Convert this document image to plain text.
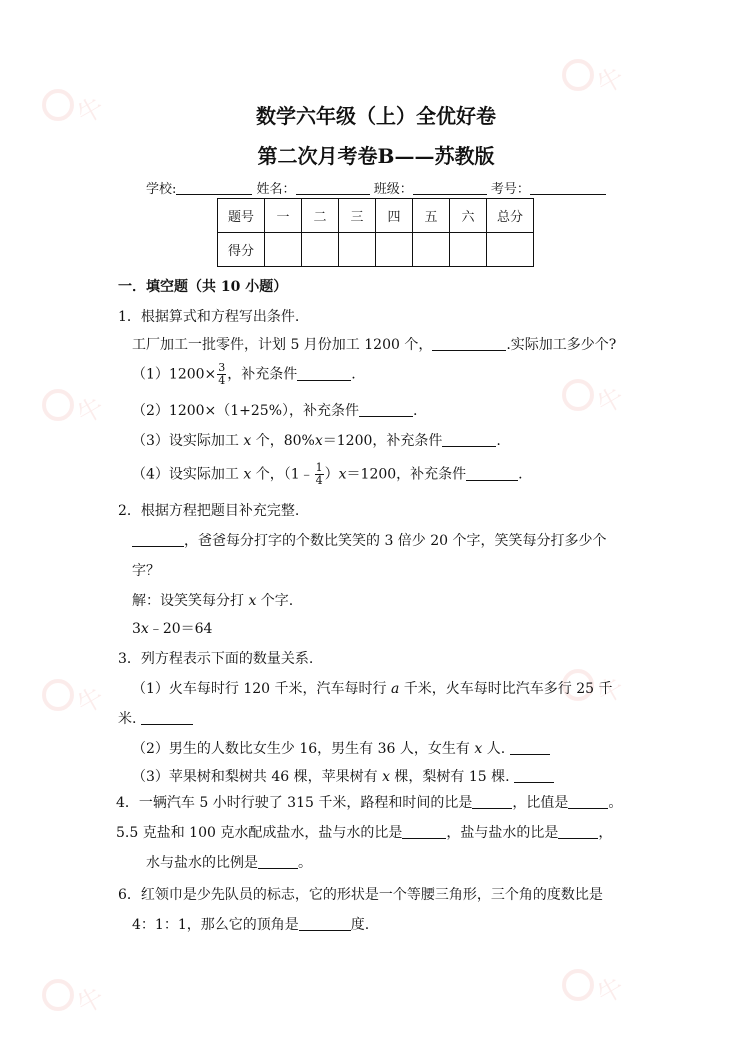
牛
牛
牛	牛
牛	牛
牛	牛
数学六年级（上）全优好卷
第二次月考卷B——苏教版
学校:	姓名：	班级：	考号：
题号	一	二	三	四	五	六	总分
得分							
一．填空题（共 10 小题）
1．根据算式和方程写出条件.
工厂加工一批零件，计划 5 月份加工 1200 个，	.实际加工多少个?
$(1)1200\times \frac{3}{4}$ ，补充条件	.
（2）1200×（1+25%），补充条件	.
（3）设实际加工 x 个，80%x＝1200，补充条件	.
（4）设实际加工 x 个，（1﹣ $\frac{1}{4} )x=1200$，补充条件	.
2．根据方程把题目补充完整.
，爸爸每分打字的个数比笑笑的 3 倍少 20 个字，笑笑每分打多少个
字？
解：设笑笑每分打 x 个字.
3x﹣20＝64
3．列方程表示下面的数量关系.
（1）火车每时行 120 千米，汽车每时行 a 千米，火车每时比汽车多行 25 千
米.
（2）男生的人数比女生少 16，男生有 36 人，女生有 x 人.
（3）苹果树和梨树共 46 棵，苹果树有 x 棵，梨树有 15 棵.
4．一辆汽车 5 小时行驶了 315 千米，路程和时间的比是	，比值是	。
5.5 克盐和 100 克水配成盐水，盐与水的比是	，盐与盐水的比是	，
水与盐水的比例是	。
6．红领巾是少先队员的标志，它的形状是一个等腰三角形，三个角的度数比是
4：1：1，那么它的顶角是	度.
